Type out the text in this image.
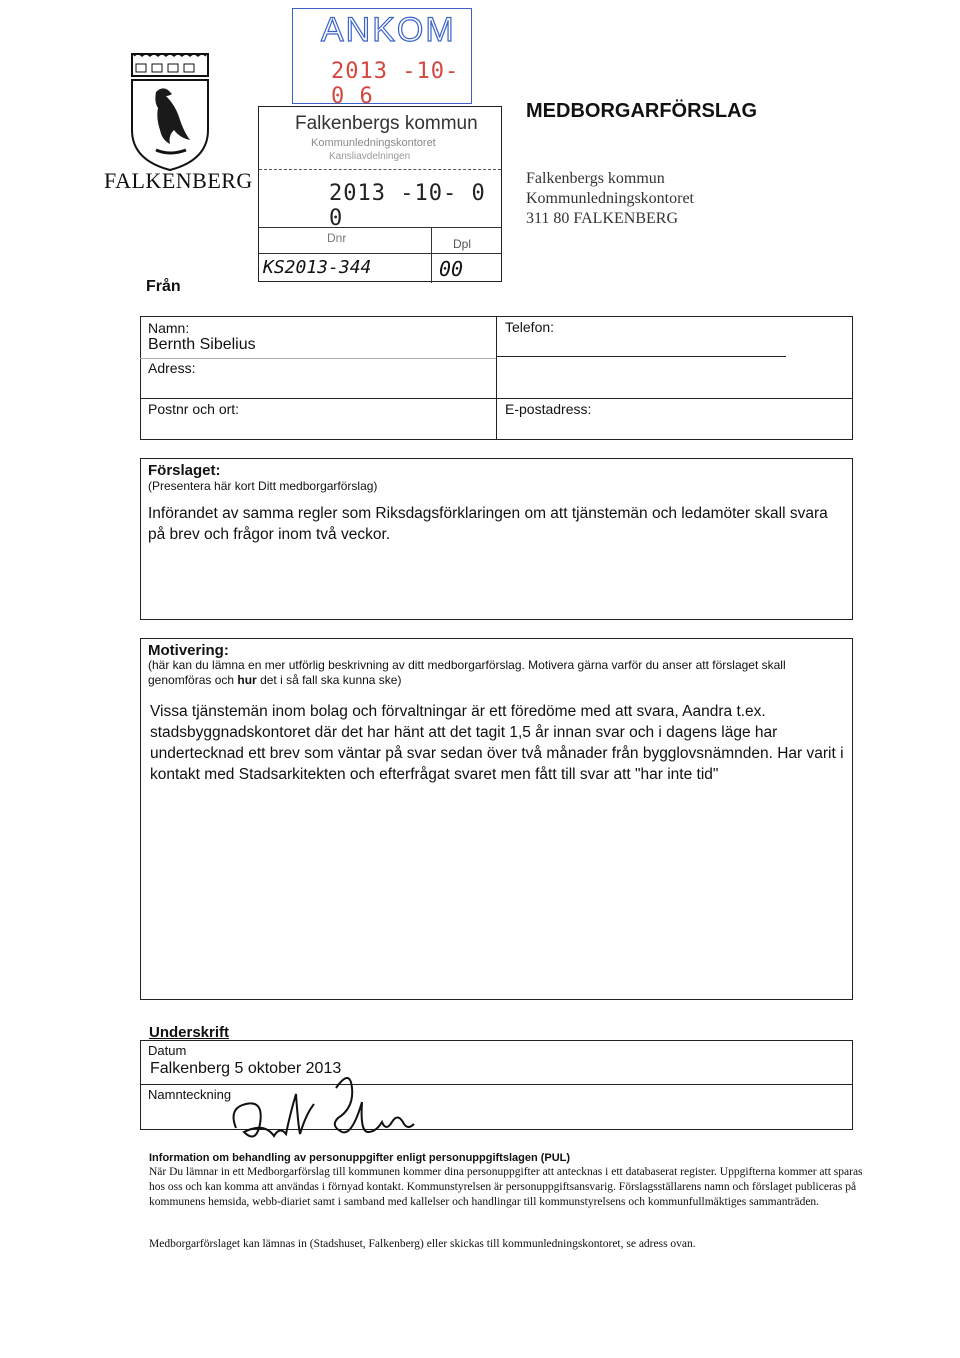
FALKENBERG
ANKOM
2013 -10- 0 6
Falkenbergs kommun
Kommunledningskontoret
Kansliavdelningen
2013 -10- 0 0
Dnr	Dpl
KS2013-344	00
MEDBORGARFÖRSLAG
Falkenbergs kommun
Kommunledningskontoret
311 80 FALKENBERG
Från
Namn:
Bernth Sibelius
Adress:
Postnr och ort:
Telefon:
E-postadress:
Förslaget:
(Presentera här kort Ditt medborgarförslag)
Införandet av samma regler som Riksdagsförklaringen om att tjänstemän och ledamöter skall svara på brev och frågor inom två veckor.
Motivering:
(här kan du lämna en mer utförlig beskrivning av ditt medborgarförslag. Motivera gärna varför du anser att förslaget skall genomföras och hur det i så fall ska kunna ske)
Vissa tjänstemän inom bolag och förvaltningar är ett föredöme med att svara, Aandra t.ex. stadsbyggnadskontoret där det har hänt att det tagit 1,5 år innan svar och i dagens läge har undertecknad ett brev som väntar på svar sedan över två månader från bygglovsnämnden. Har varit i kontakt med Stadsarkitekten och efterfrågat svaret men fått till svar att "har inte tid"
Underskrift
Datum
Falkenberg 5 oktober 2013
Namnteckning
Information om behandling av personuppgifter enligt personuppgiftslagen (PUL)
När Du lämnar in ett Medborgarförslag till kommunen kommer dina personuppgifter att antecknas i ett databaserat register. Uppgifterna kommer att sparas hos oss och kan komma att användas i förnyad kontakt. Kommunstyrelsen är personuppgiftsansvarig. Förslagsställarens namn och förslaget publiceras på kommunens hemsida, webb-diariet samt i samband med kallelser och handlingar till kommunstyrelsens och kommunfullmäktiges sammanträden.
Medborgarförslaget kan lämnas in (Stadshuset, Falkenberg) eller skickas till kommunledningskontoret, se adress ovan.
